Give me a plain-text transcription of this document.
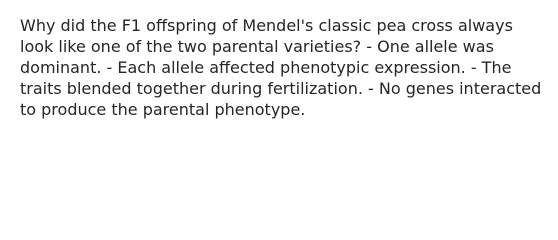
Why did the F1 offspring of Mendel's classic pea cross always look like one of the two parental varieties? - One allele was dominant. - Each allele affected phenotypic expression. - The traits blended together during fertilization. - No genes interacted to produce the parental phenotype.
